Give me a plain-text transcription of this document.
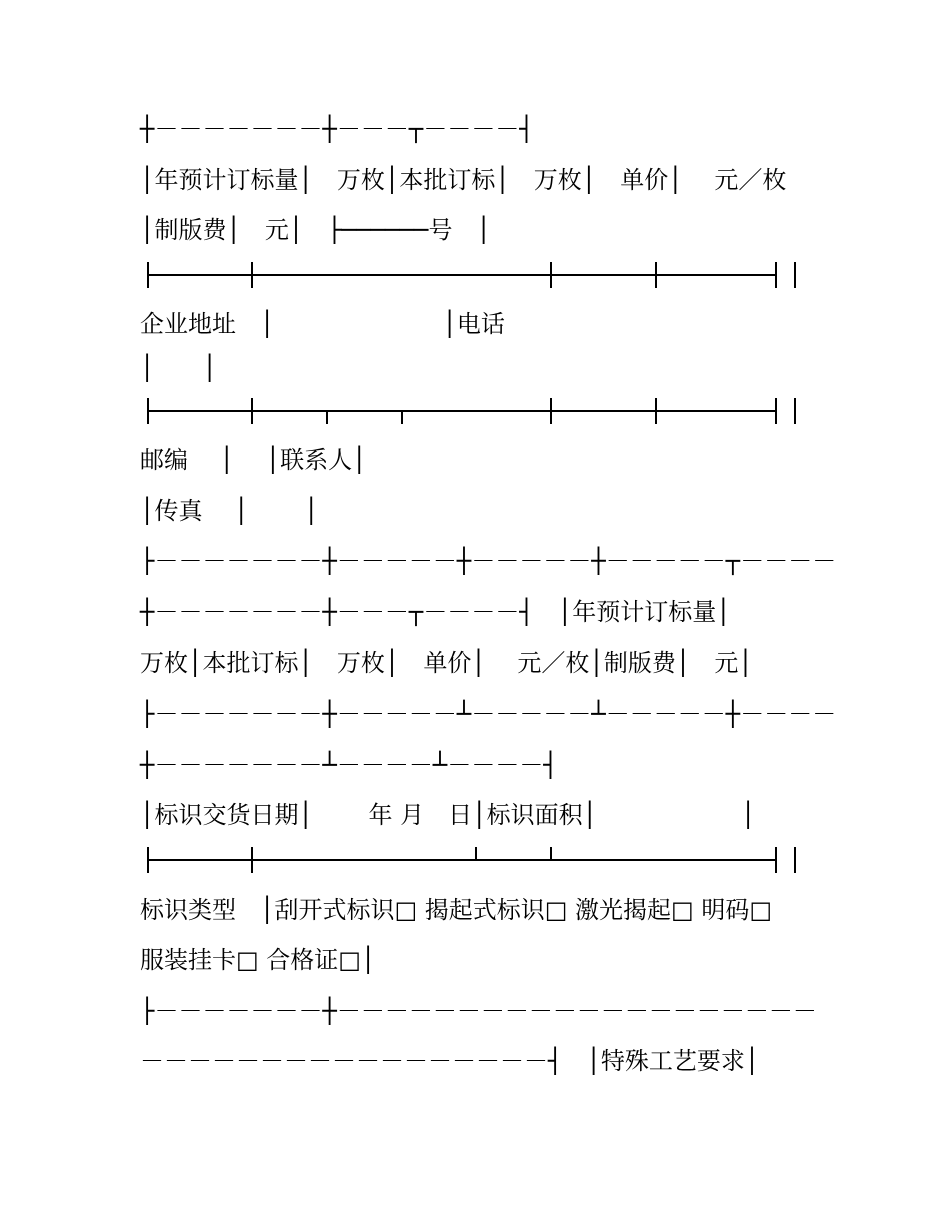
┼－－－－－－－┼－－－┬－－－－┤
│年预计订标量│　万枚│本批订标│　万枚│　单价│　 元／枚
│制版费│　元│　├──────号　│
企业地址　│　　　　　　　│电话
│　　│
邮编　 │　 │联系人│
│传真　 │　　 │
├－－－－－－－┼－－－－－┼－－－－－┼－－－－－┬－－－－
┼－－－－－－－┼－－－┬－－－－┤　│年预计订标量│
万枚│本批订标│　万枚│　单价│　 元／枚│制版费│　元│
├－－－－－－－┼－－－－－┴－－－－－┴－－－－－┼－－－－
┼－－－－－－－┴－－－－┴－－－－┤
│标识交货日期│　　 年 月　日│标识面积│　　　　　　│
标识类型　│刮开式标识□ 揭起式标识□ 激光揭起□ 明码□
服装挂卡□ 合格证□│
├－－－－－－－┼－－－－－－－－－－－－－－－－－－－－
－－－－－－－－－－－－－－－－－┤　│特殊工艺要求│
